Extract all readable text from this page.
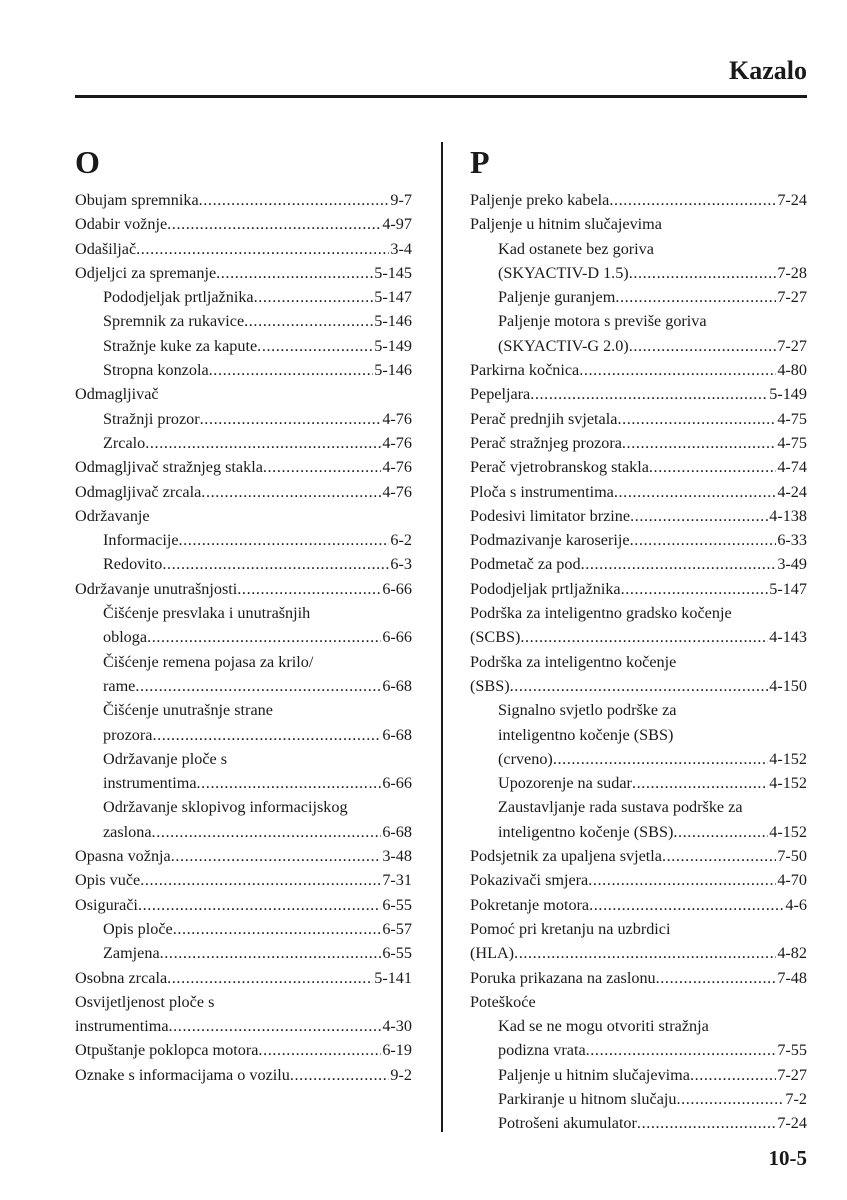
Kazalo
O
Obujam spremnika .....	9-7
Odabir vožnje .....	4-97
Odašiljač .....	3-4
Odjeljci za spremanje .....	5-145
Pododjeljak prtljažnika .....	5-147
Spremnik za rukavice .....	5-146
Stražnje kuke za kapute .....	5-149
Stropna konzola .....	5-146
Odmagljivač
Stražnji prozor .....	4-76
Zrcalo .....	4-76
Odmagljivač stražnjeg stakla .....	4-76
Odmagljivač zrcala .....	4-76
Održavanje
Informacije .....	6-2
Redovito .....	6-3
Održavanje unutrašnjosti .....	6-66
Čišćenje presvlaka i unutrašnjih
obloga .....	6-66
Čišćenje remena pojasa za krilo/
rame .....	6-68
Čišćenje unutrašnje strane
prozora .....	6-68
Održavanje ploče s
instrumentima .....	6-66
Održavanje sklopivog informacijskog
zaslona .....	6-68
Opasna vožnja .....	3-48
Opis vuče .....	7-31
Osigurači .....	6-55
Opis ploče .....	6-57
Zamjena .....	6-55
Osobna zrcala .....	5-141
Osvijetljenost ploče s
instrumentima .....	4-30
Otpuštanje poklopca motora .....	6-19
Oznake s informacijama o vozilu .....	9-2
P
Paljenje preko kabela .....	7-24
Paljenje u hitnim slučajevima
Kad ostanete bez goriva
(SKYACTIV-D 1.5) .....	7-28
Paljenje guranjem .....	7-27
Paljenje motora s previše goriva
(SKYACTIV-G 2.0) .....	7-27
Parkirna kočnica .....	4-80
Pepeljara .....	5-149
Perač prednjih svjetala .....	4-75
Perač stražnjeg prozora .....	4-75
Perač vjetrobranskog stakla .....	4-74
Ploča s instrumentima .....	4-24
Podesivi limitator brzine .....	4-138
Podmazivanje karoserije .....	6-33
Podmetač za pod .....	3-49
Pododjeljak prtljažnika .....	5-147
Podrška za inteligentno gradsko kočenje
(SCBS) .....	4-143
Podrška za inteligentno kočenje
(SBS) .....	4-150
Signalno svjetlo podrške za
inteligentno kočenje (SBS)
(crveno) .....	4-152
Upozorenje na sudar .....	4-152
Zaustavljanje rada sustava podrške za
inteligentno kočenje (SBS) .....	4-152
Podsjetnik za upaljena svjetla .....	7-50
Pokazivači smjera .....	4-70
Pokretanje motora .....	4-6
Pomoć pri kretanju na uzbrdici
(HLA) .....	4-82
Poruka prikazana na zaslonu .....	7-48
Poteškoće
Kad se ne mogu otvoriti stražnja
podizna vrata .....	7-55
Paljenje u hitnim slučajevima .....	7-27
Parkiranje u hitnom slučaju .....	7-2
Potrošeni akumulator .....	7-24
10-5
